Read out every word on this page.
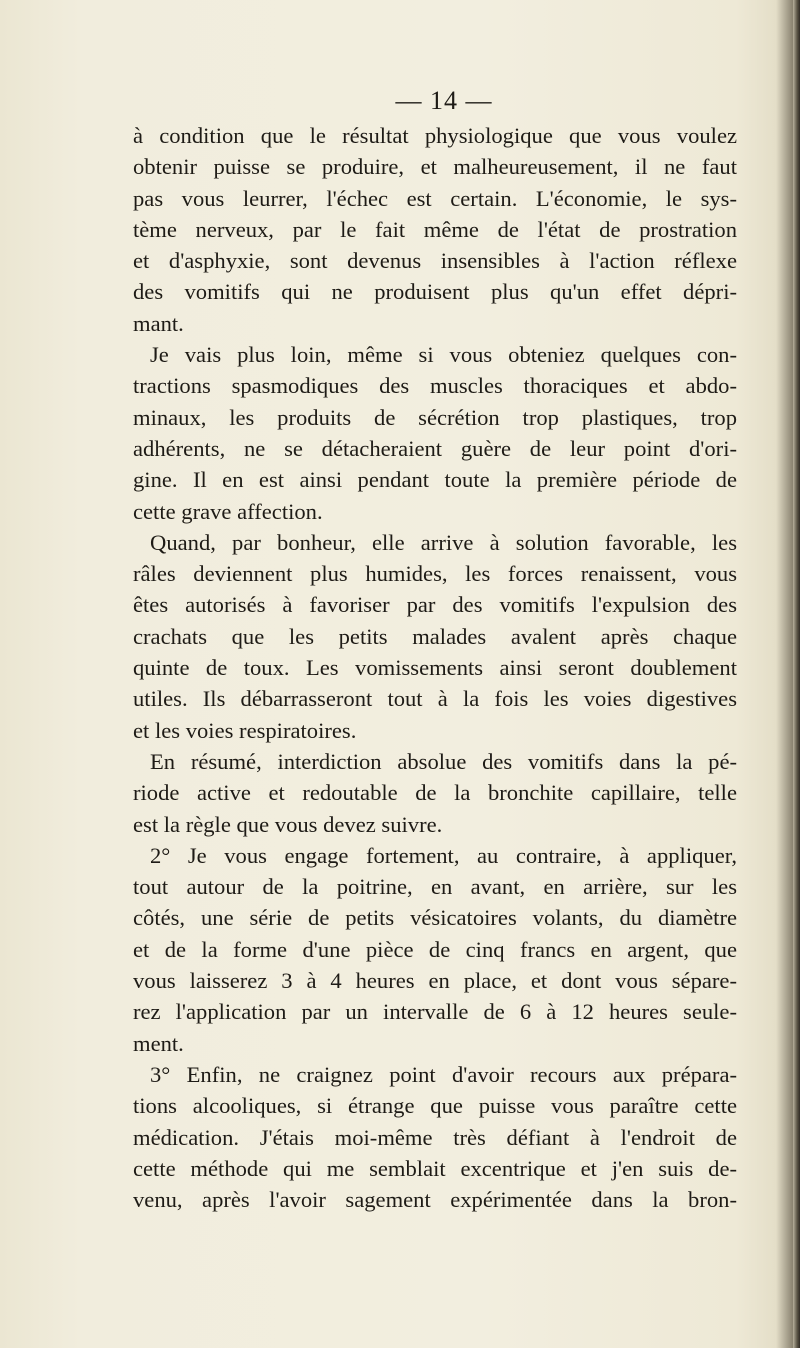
— 14 —
à condition que le résultat physiologique que vous voulez
obtenir puisse se produire, et malheureusement, il ne faut
pas vous leurrer, l'échec est certain. L'économie, le sys-
tème nerveux, par le fait même de l'état de prostration
et d'asphyxie, sont devenus insensibles à l'action réflexe
des vomitifs qui ne produisent plus qu'un effet dépri-
mant.
Je vais plus loin, même si vous obteniez quelques con-
tractions spasmodiques des muscles thoraciques et abdo-
minaux, les produits de sécrétion trop plastiques, trop
adhérents, ne se détacheraient guère de leur point d'ori-
gine. Il en est ainsi pendant toute la première période de
cette grave affection.
Quand, par bonheur, elle arrive à solution favorable, les
râles deviennent plus humides, les forces renaissent, vous
êtes autorisés à favoriser par des vomitifs l'expulsion des
crachats que les petits malades avalent après chaque
quinte de toux. Les vomissements ainsi seront doublement
utiles. Ils débarrasseront tout à la fois les voies digestives
et les voies respiratoires.
En résumé, interdiction absolue des vomitifs dans la pé-
riode active et redoutable de la bronchite capillaire, telle
est la règle que vous devez suivre.
2° Je vous engage fortement, au contraire, à appliquer,
tout autour de la poitrine, en avant, en arrière, sur les
côtés, une série de petits vésicatoires volants, du diamètre
et de la forme d'une pièce de cinq francs en argent, que
vous laisserez 3 à 4 heures en place, et dont vous sépare-
rez l'application par un intervalle de 6 à 12 heures seule-
ment.
3° Enfin, ne craignez point d'avoir recours aux prépara-
tions alcooliques, si étrange que puisse vous paraître cette
médication. J'étais moi-même très défiant à l'endroit de
cette méthode qui me semblait excentrique et j'en suis de-
venu, après l'avoir sagement expérimentée dans la bron-
